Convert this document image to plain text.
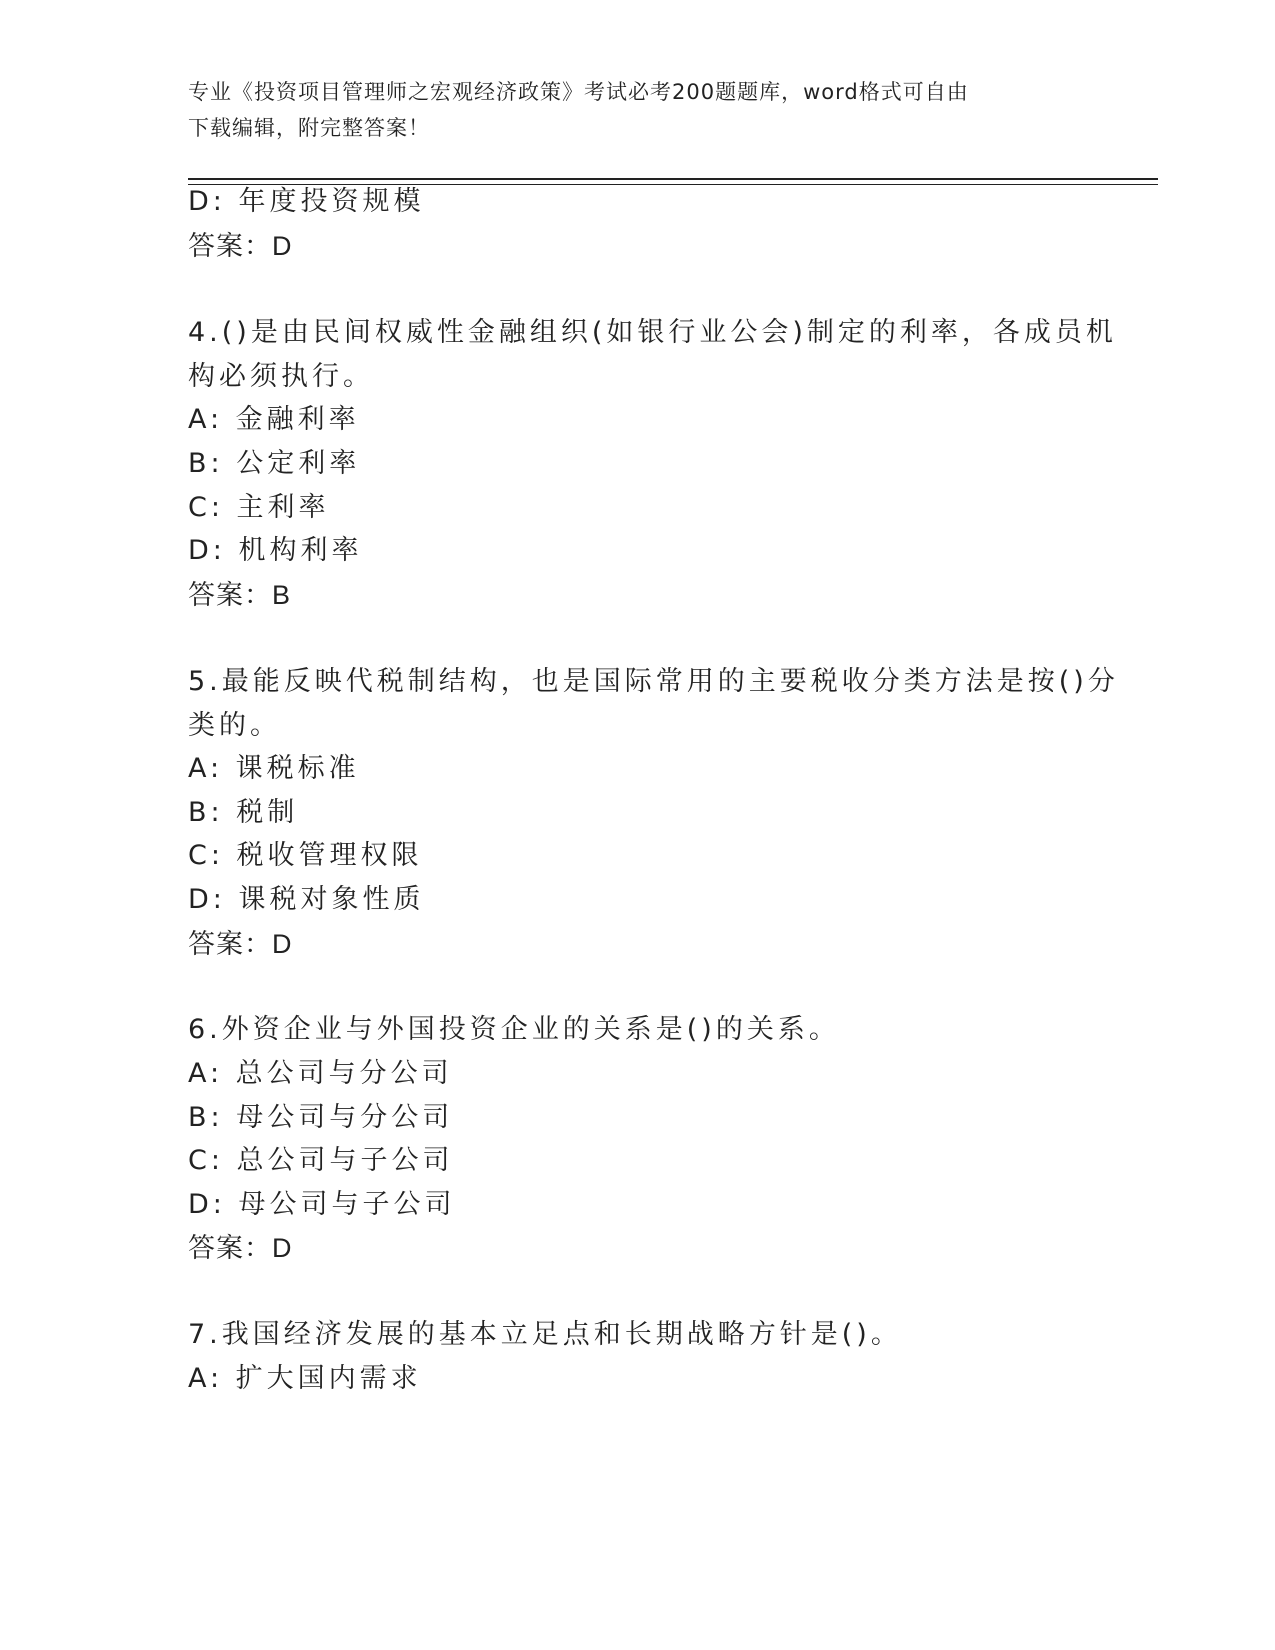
专业《投资项目管理师之宏观经济政策》考试必考200题题库，word格式可自由
下载编辑，附完整答案！
D: 年度投资规模
答案：D
4.()是由民间权威性金融组织(如银行业公会)制定的利率，各成员机
构必须执行。
A: 金融利率
B: 公定利率
C: 主利率
D: 机构利率
答案：B
5.最能反映代税制结构，也是国际常用的主要税收分类方法是按()分
类的。
A: 课税标准
B: 税制
C: 税收管理权限
D: 课税对象性质
答案：D
6.外资企业与外国投资企业的关系是()的关系。
A: 总公司与分公司
B: 母公司与分公司
C: 总公司与子公司
D: 母公司与子公司
答案：D
7.我国经济发展的基本立足点和长期战略方针是()。
A: 扩大国内需求
